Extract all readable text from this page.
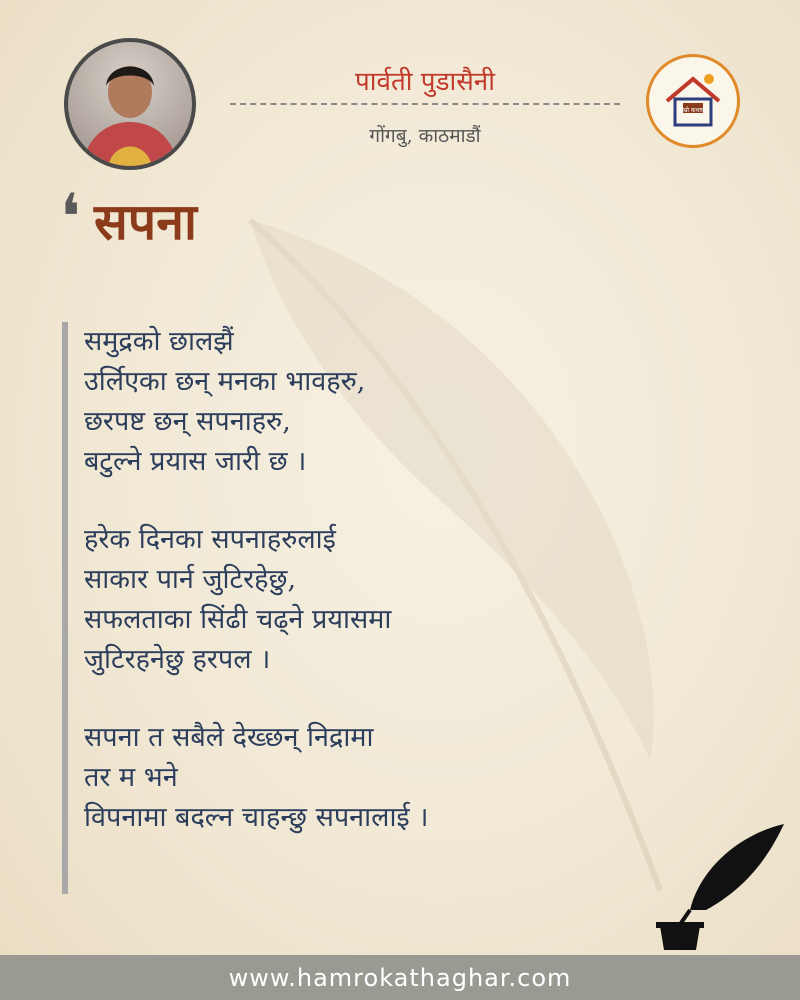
पार्वती पुडासैनी
गोंगबु, काठमाडौं
हाम्रो कथाघर
❛ सपना
समुद्रको छालझैं
उर्लिएका छन् मनका भावहरु,
छरपष्ट छन् सपनाहरु,
बटुल्ने प्रयास जारी छ ।
हरेक दिनका सपनाहरुलाई
साकार पार्न जुटिरहेछु,
सफलताका सिंढी चढ्ने प्रयासमा
जुटिरहनेछु हरपल ।
सपना त सबैले देख्छन् निद्रामा
तर म भने
विपनामा बदल्न चाहन्छु सपनालाई ।
www.hamrokathaghar.com
